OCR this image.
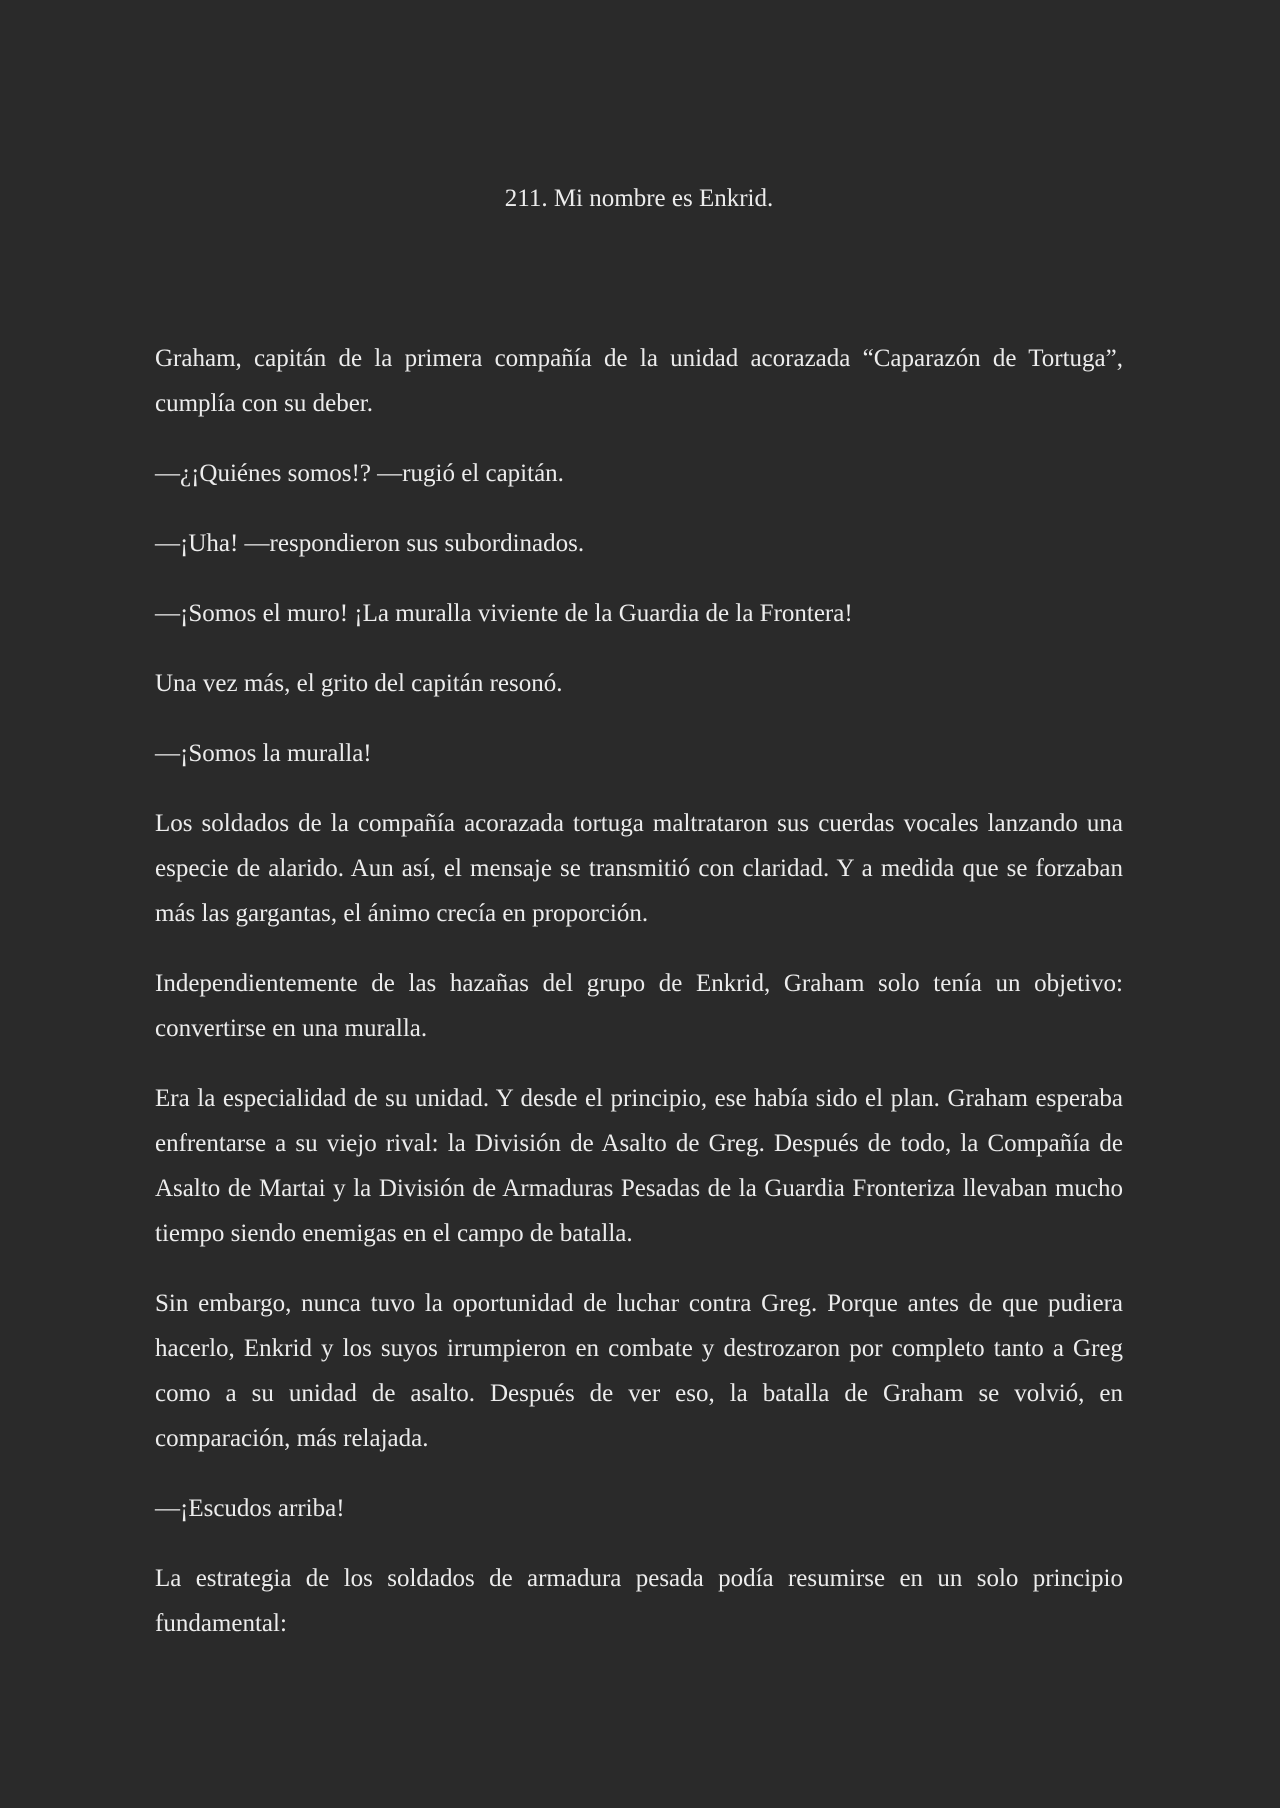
211. Mi nombre es Enkrid.

Graham, capitán de la primera compañía de la unidad acorazada “Caparazón de Tortuga”, cumplía con su deber.

—¿¡Quiénes somos!? —rugió el capitán.

—¡Uha! —respondieron sus subordinados.

—¡Somos el muro! ¡La muralla viviente de la Guardia de la Frontera!

Una vez más, el grito del capitán resonó.

—¡Somos la muralla!

Los soldados de la compañía acorazada tortuga maltrataron sus cuerdas vocales lanzando una especie de alarido. Aun así, el mensaje se transmitió con claridad. Y a medida que se forzaban más las gargantas, el ánimo crecía en proporción.

Independientemente de las hazañas del grupo de Enkrid, Graham solo tenía un objetivo: convertirse en una muralla.

Era la especialidad de su unidad. Y desde el principio, ese había sido el plan. Graham esperaba enfrentarse a su viejo rival: la División de Asalto de Greg. Después de todo, la Compañía de Asalto de Martai y la División de Armaduras Pesadas de la Guardia Fronteriza llevaban mucho tiempo siendo enemigas en el campo de batalla.

Sin embargo, nunca tuvo la oportunidad de luchar contra Greg. Porque antes de que pudiera hacerlo, Enkrid y los suyos irrumpieron en combate y destrozaron por completo tanto a Greg como a su unidad de asalto. Después de ver eso, la batalla de Graham se volvió, en comparación, más relajada.

—¡Escudos arriba!

La estrategia de los soldados de armadura pesada podía resumirse en un solo principio fundamental:
